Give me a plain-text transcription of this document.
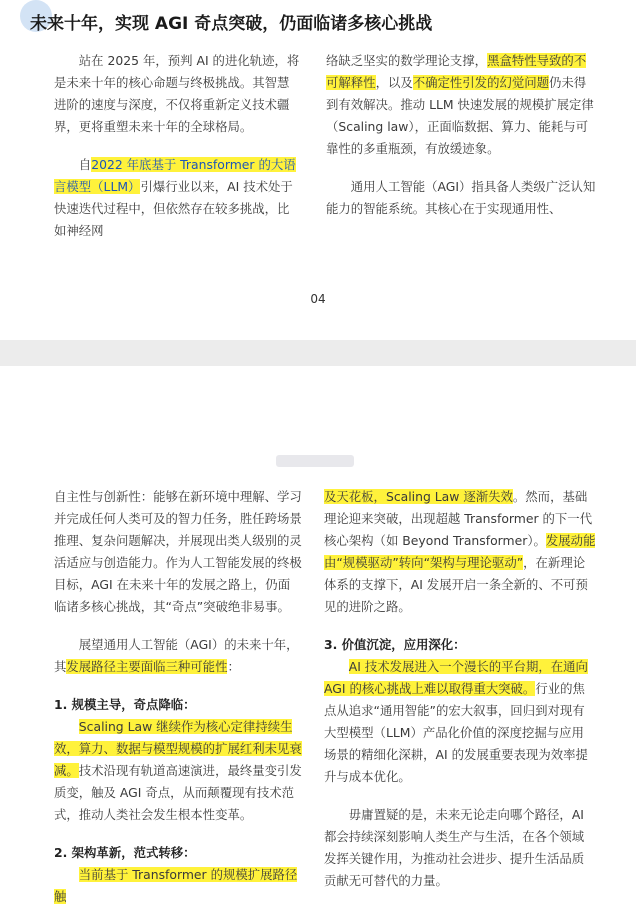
未来十年，实现 AGI 奇点突破，仍面临诸多核心挑战

站在 2025 年，预判 AI 的进化轨迹，将是未来十年的核心命题与终极挑战。其智慧进阶的速度与深度，不仅将重新定义技术疆界，更将重塑未来十年的全球格局。

自2022 年底基于 Transformer 的大语言模型（LLM）引爆行业以来，AI 技术处于快速迭代过程中，但依然存在较多挑战，比如神经网

络缺乏坚实的数学理论支撑，黑盒特性导致的不可解释性，以及不确定性引发的幻觉问题仍未得到有效解决。推动 LLM 快速发展的规模扩展定律（Scaling law），正面临数据、算力、能耗与可靠性的多重瓶颈，有放缓迹象。

通用人工智能（AGI）指具备人类级广泛认知能力的智能系统。其核心在于实现通用性、

04

自主性与创新性：能够在新环境中理解、学习并完成任何人类可及的智力任务，胜任跨场景推理、复杂问题解决，并展现出类人级别的灵活适应与创造能力。作为人工智能发展的终极目标，AGI 在未来十年的发展之路上，仍面临诸多核心挑战，其“奇点”突破绝非易事。

展望通用人工智能（AGI）的未来十年，其发展路径主要面临三种可能性：

1. 规模主导，奇点降临：

Scaling Law 继续作为核心定律持续生效，算力、数据与模型规模的扩展红利未见衰减。技术沿现有轨道高速演进，最终量变引发质变，触及 AGI 奇点，从而颠覆现有技术范式，推动人类社会发生根本性变革。

2. 架构革新，范式转移：

当前基于 Transformer 的规模扩展路径触

及天花板，Scaling Law 逐渐失效。然而，基础理论迎来突破，出现超越 Transformer 的下一代核心架构（如 Beyond Transformer）。发展动能由“规模驱动”转向“架构与理论驱动”，在新理论体系的支撑下，AI 发展开启一条全新的、不可预见的进阶之路。

3. 价值沉淀，应用深化：

AI 技术发展进入一个漫长的平台期，在通向 AGI 的核心挑战上难以取得重大突破。行业的焦点从追求“通用智能”的宏大叙事，回归到对现有大型模型（LLM）产品化价值的深度挖掘与应用场景的精细化深耕，AI 的发展重要表现为效率提升与成本优化。

毋庸置疑的是，未来无论走向哪个路径，AI 都会持续深刻影响人类生产与生活，在各个领域发挥关键作用，为推动社会进步、提升生活品质贡献无可替代的力量。
